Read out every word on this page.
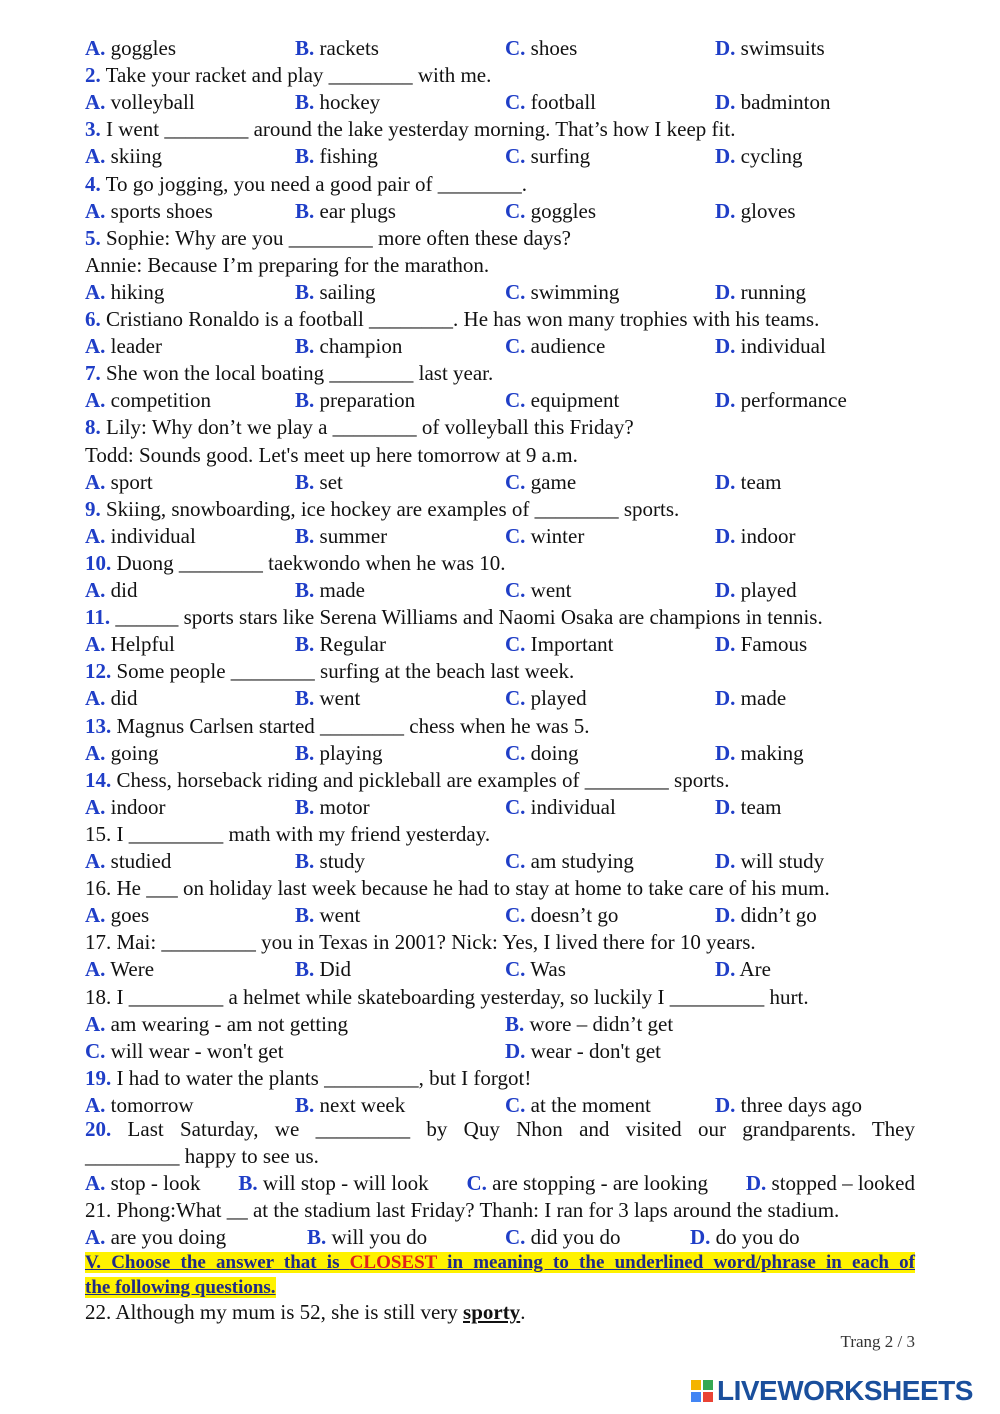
A. goggles	B. rackets	C. shoes	D. swimsuits
2. Take your racket and play ________ with me.
A. volleyball	B. hockey	C. football	D. badminton
3. I went ________ around the lake yesterday morning. That’s how I keep fit.
A. skiing	B. fishing	C. surfing	D. cycling
4. To go jogging, you need a good pair of ________.
A. sports shoes	B. ear plugs	C. goggles	D. gloves
5. Sophie: Why are you ________ more often these days?
Annie: Because I’m preparing for the marathon.
A. hiking	B. sailing	C. swimming	D. running
6. Cristiano Ronaldo is a football ________. He has won many trophies with his teams.
A. leader	B. champion	C. audience	D. individual
7. She won the local boating ________ last year.
A. competition	B. preparation	C. equipment	D. performance
8. Lily: Why don’t we play a ________ of volleyball this Friday?
Todd: Sounds good. Let's meet up here tomorrow at 9 a.m.
A. sport	B. set	C. game	D. team
9. Skiing, snowboarding, ice hockey are examples of ________ sports.
A. individual	B. summer	C. winter	D. indoor
10. Duong ________ taekwondo when he was 10.
A. did	B. made	C. went	D. played
11. ______ sports stars like Serena Williams and Naomi Osaka are champions in tennis.
A. Helpful	B. Regular	C. Important	D. Famous
12. Some people ________ surfing at the beach last week.
A. did	B. went	C. played	D. made
13. Magnus Carlsen started ________ chess when he was 5.
A. going	B. playing	C. doing	D. making
14. Chess, horseback riding and pickleball are examples of ________ sports.
A. indoor	B. motor	C. individual	D. team
15. I _________ math with my friend yesterday.
A. studied	B. study	C. am studying	D. will study
16. He ___ on holiday last week because he had to stay at home to take care of his mum.
A. goes	B. went	C. doesn’t go	D. didn’t go
17. Mai: _________ you in Texas in 2001? Nick: Yes, I lived there for 10 years.
A. Were	B. Did	C. Was	D. Are
18. I _________ a helmet while skateboarding yesterday, so luckily I _________ hurt.
A. am wearing - am not getting	B. wore – didn’t get
C. will wear - won't get	D. wear - don't get
19. I had to water the plants _________, but I forgot!
A. tomorrow	B. next week	C. at the moment	D. three days ago
20. Last Saturday, we _________ by Quy Nhon and visited our grandparents. They
_________ happy to see us.
A. stop - look B. will stop - will look C. are stopping - are looking D. stopped – looked
21. Phong:What __ at the stadium last Friday? Thanh: I ran for 3 laps around the stadium.
A. are you doing	B. will you do	C. did you do	D. do you do
V. Choose the answer that is CLOSEST in meaning to the underlined word/phrase in each of
the following questions.
22. Although my mum is 52, she is still very sporty.
Trang 2 / 3
LIVEWORKSHEETS
